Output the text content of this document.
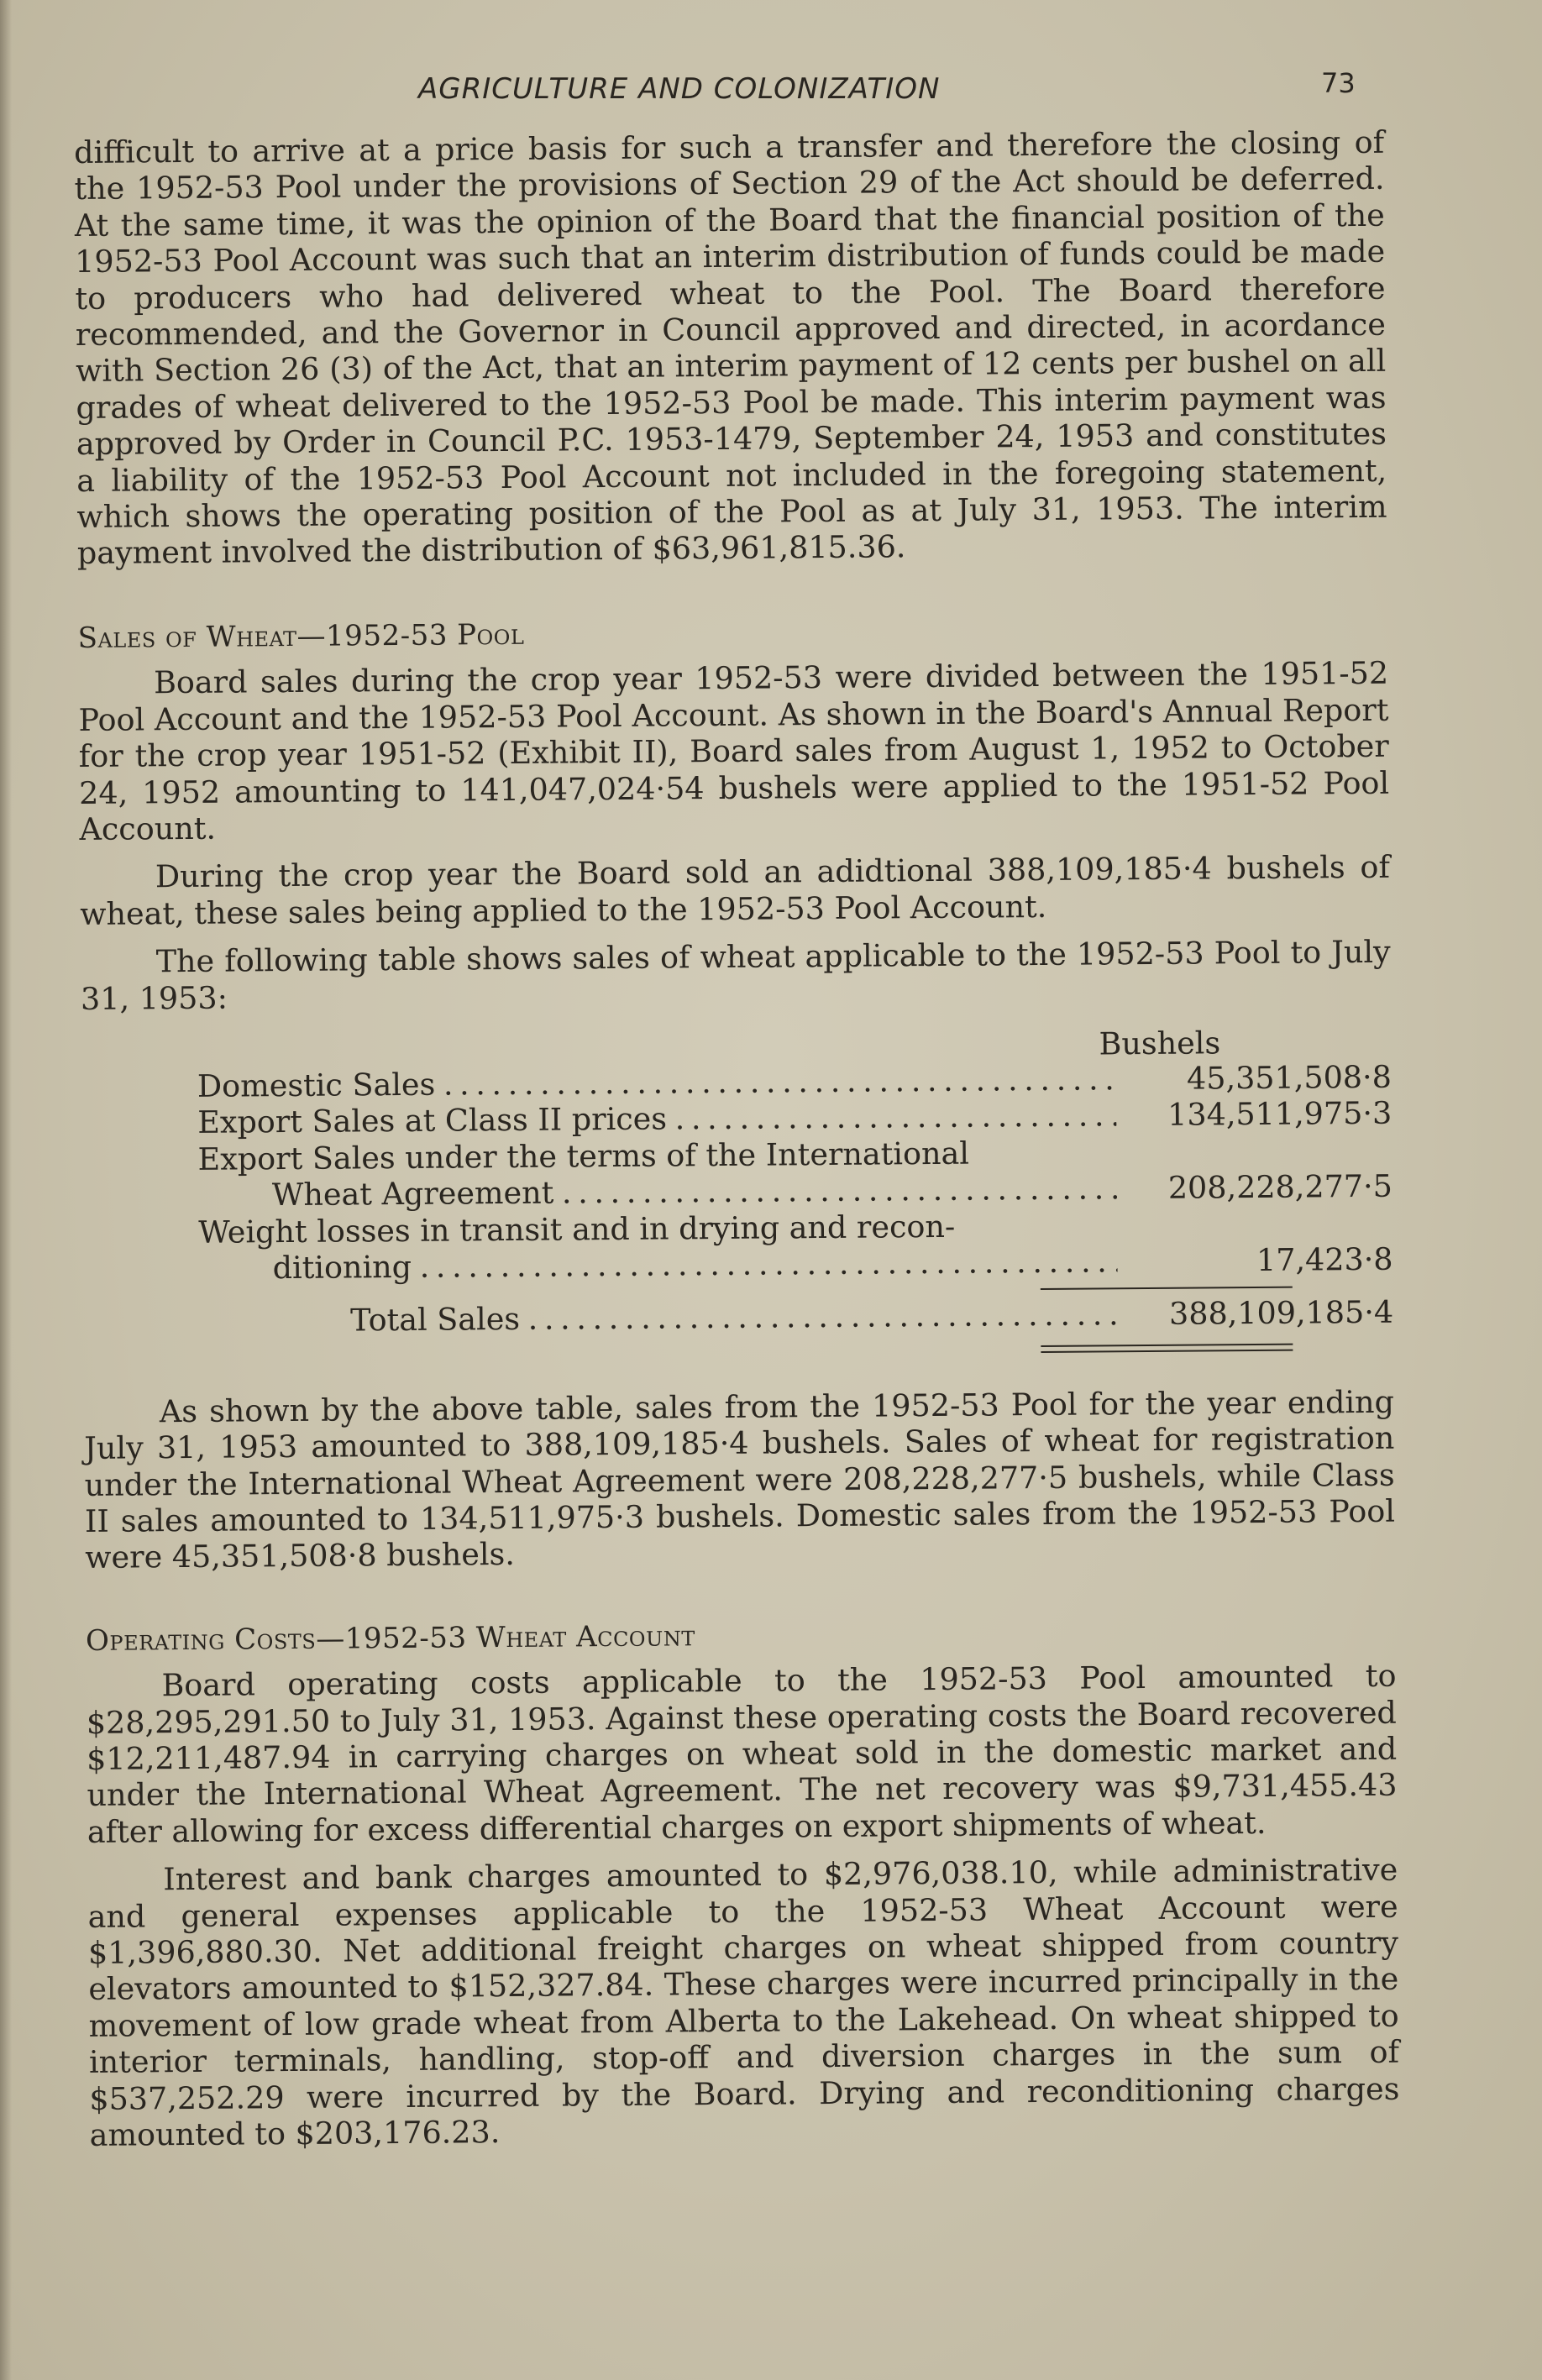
AGRICULTURE AND COLONIZATION	73

difficult to arrive at a price basis for such a transfer and therefore the closing of the 1952-53 Pool under the provisions of Section 29 of the Act should be deferred. At the same time, it was the opinion of the Board that the financial position of the 1952-53 Pool Account was such that an interim distribution of funds could be made to producers who had delivered wheat to the Pool. The Board therefore recommended, and the Governor in Council approved and directed, in acordance with Section 26 (3) of the Act, that an interim payment of 12 cents per bushel on all grades of wheat delivered to the 1952-53 Pool be made. This interim payment was approved by Order in Council P.C. 1953-1479, September 24, 1953 and constitutes a liability of the 1952-53 Pool Account not included in the foregoing statement, which shows the operating position of the Pool as at July 31, 1953. The interim payment involved the distribution of $63,961,815.36.

Sales of Wheat—1952-53 Pool

Board sales during the crop year 1952-53 were divided between the 1951-52 Pool Account and the 1952-53 Pool Account. As shown in the Board's Annual Report for the crop year 1951-52 (Exhibit II), Board sales from August 1, 1952 to October 24, 1952 amounting to 141,047,024·54 bushels were applied to the 1951-52 Pool Account.

During the crop year the Board sold an adidtional 388,109,185·4 bushels of wheat, these sales being applied to the 1952-53 Pool Account.

The following table shows sales of wheat applicable to the 1952-53 Pool to July 31, 1953:

Bushels
Domestic Sales . . .	45,351,508·8
Export Sales at Class II prices . . .	134,511,975·3
Export Sales under the terms of the International
Wheat Agreement . . .	208,228,277·5
Weight losses in transit and in drying and recon-
ditioning . . .	17,423·8
Total Sales . . .	388,109,185·4

As shown by the above table, sales from the 1952-53 Pool for the year ending July 31, 1953 amounted to 388,109,185·4 bushels. Sales of wheat for registration under the International Wheat Agreement were 208,228,277·5 bushels, while Class II sales amounted to 134,511,975·3 bushels. Domestic sales from the 1952-53 Pool were 45,351,508·8 bushels.

Operating Costs—1952-53 Wheat Account

Board operating costs applicable to the 1952-53 Pool amounted to $28,295,291.50 to July 31, 1953. Against these operating costs the Board recovered $12,211,487.94 in carrying charges on wheat sold in the domestic market and under the International Wheat Agreement. The net recovery was $9,731,455.43 after allowing for excess differential charges on export shipments of wheat.

Interest and bank charges amounted to $2,976,038.10, while administrative and general expenses applicable to the 1952-53 Wheat Account were $1,396,880.30. Net additional freight charges on wheat shipped from country elevators amounted to $152,327.84. These charges were incurred principally in the movement of low grade wheat from Alberta to the Lakehead. On wheat shipped to interior terminals, handling, stop-off and diversion charges in the sum of $537,252.29 were incurred by the Board. Drying and reconditioning charges amounted to $203,176.23.
